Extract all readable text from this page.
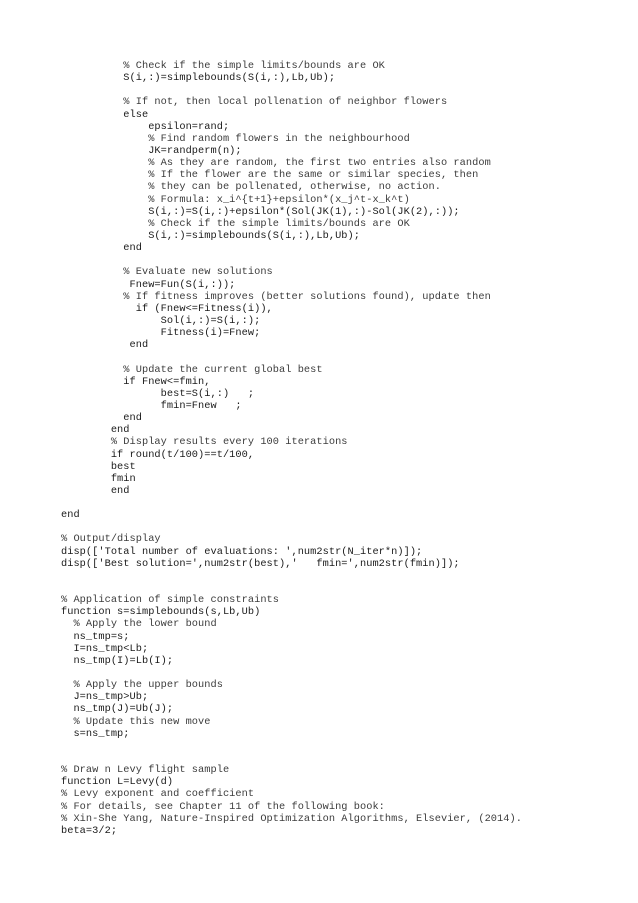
% Check if the simple limits/bounds are OK
S(i,:)=simplebounds(S(i,:),Lb,Ub);
% If not, then local pollenation of neighbor flowers
else
epsilon=rand;
% Find random flowers in the neighbourhood
JK=randperm(n);
% As they are random, the first two entries also random
% If the flower are the same or similar species, then
% they can be pollenated, otherwise, no action.
% Formula: x_i^{t+1}+epsilon*(x_j^t-x_k^t)
S(i,:)=S(i,:)+epsilon*(Sol(JK(1),:)-Sol(JK(2),:));
% Check if the simple limits/bounds are OK
S(i,:)=simplebounds(S(i,:),Lb,Ub);
end
% Evaluate new solutions
Fnew=Fun(S(i,:));
% If fitness improves (better solutions found), update then
if (Fnew<=Fitness(i)),
Sol(i,:)=S(i,:);
Fitness(i)=Fnew;
end
% Update the current global best
if Fnew<=fmin,
best=S(i,:)   ;
fmin=Fnew   ;
end
end
% Display results every 100 iterations
if round(t/100)==t/100,
best
fmin
end
end
% Output/display
disp(['Total number of evaluations: ',num2str(N_iter*n)]);
disp(['Best solution=',num2str(best),'   fmin=',num2str(fmin)]);
% Application of simple constraints
function s=simplebounds(s,Lb,Ub)
% Apply the lower bound
ns_tmp=s;
I=ns_tmp<Lb;
ns_tmp(I)=Lb(I);
% Apply the upper bounds
J=ns_tmp>Ub;
ns_tmp(J)=Ub(J);
% Update this new move
s=ns_tmp;
% Draw n Levy flight sample
function L=Levy(d)
% Levy exponent and coefficient
% For details, see Chapter 11 of the following book:
% Xin-She Yang, Nature-Inspired Optimization Algorithms, Elsevier, (2014).
beta=3/2;
